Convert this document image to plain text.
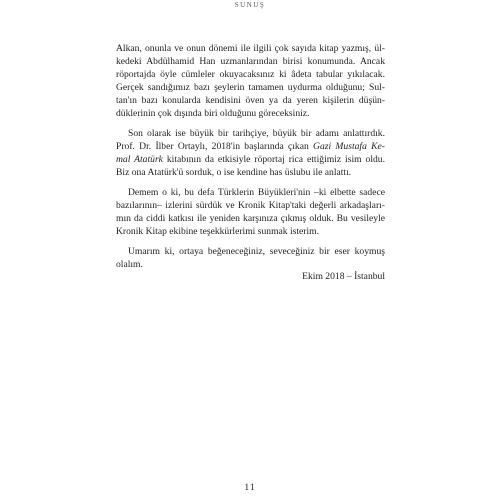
SUNUŞ
Alkan, onunla ve onun dönemi ile ilgili çok sayıda kitap yazmış, ül-
kedeki Abdülhamid Han uzmanlarından birisi konumunda. Ancak
röportajda öyle cümleler okuyacaksınız ki âdeta tabular yıkılacak.
Gerçek sandığımız bazı şeylerin tamamen uydurma olduğunu; Sul-
tan'ın bazı konularda kendisini öven ya da yeren kişilerin düşün-
düklerinin çok dışında biri olduğunu göreceksiniz.
Son olarak ise büyük bir tarihçiye, büyük bir adamı anlattırdık.
Prof. Dr. İlber Ortaylı, 2018'in başlarında çıkan Gazi Mustafa Ke-
mal Atatürk kitabının da etkisiyle röportaj rica ettiğimiz isim oldu.
Biz ona Atatürk'ü sorduk, o ise kendine has üslubu ile anlattı.
Demem o ki, bu defa Türklerin Büyükleri'nin –ki elbette sadece
bazılarının– izlerini sürdük ve Kronik Kitap'taki değerli arkadaşları-
mın da ciddi katkısı ile yeniden karşınıza çıkmış olduk. Bu vesileyle
Kronik Kitap ekibine teşekkürlerimi sunmak isterim.
Umarım ki, ortaya beğeneceğiniz, seveceğiniz bir eser koymuş
olalım.
Ekim 2018 – İstanbul
11
